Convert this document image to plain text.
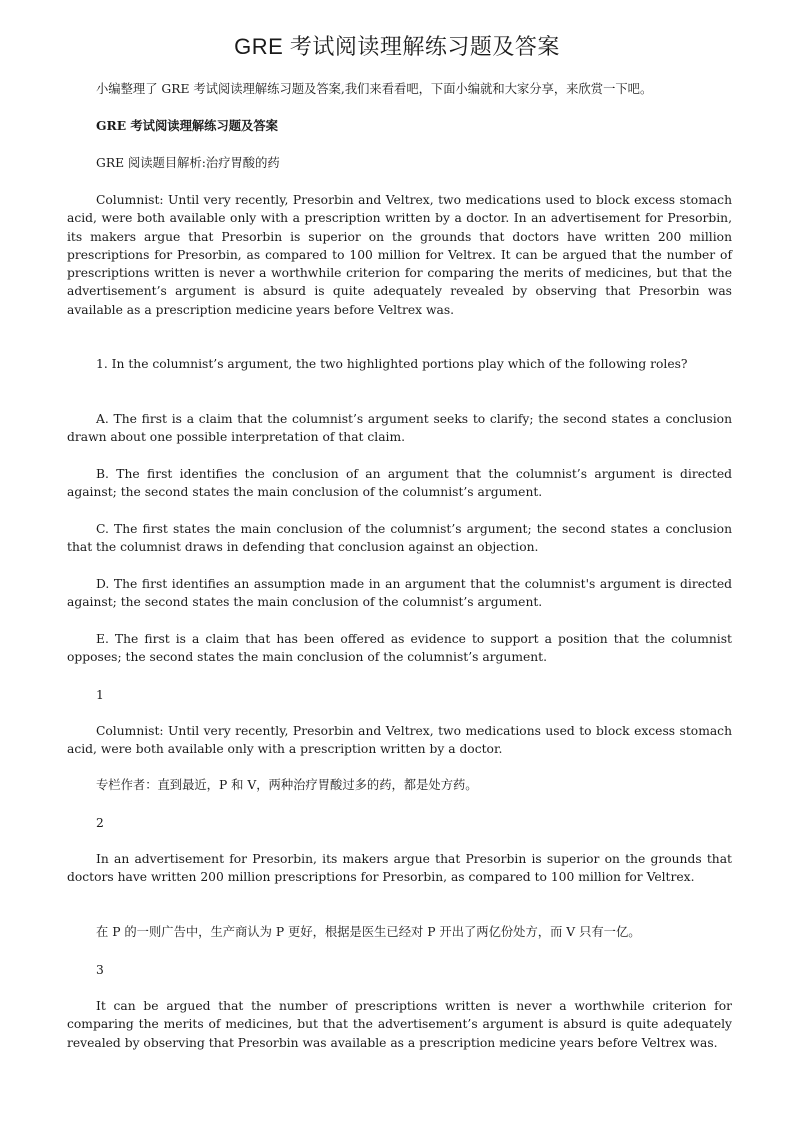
GRE 考试阅读理解练习题及答案

小编整理了 GRE 考试阅读理解练习题及答案,我们来看看吧，下面小编就和大家分享，来欣赏一下吧。

GRE 考试阅读理解练习题及答案

GRE 阅读题目解析:治疗胃酸的药

Columnist: Until very recently, Presorbin and Veltrex, two medications used to block excess stomach acid, were both available only with a prescription written by a doctor. In an advertisement for Presorbin, its makers argue that Presorbin is superior on the grounds that doctors have written 200 million prescriptions for Presorbin, as compared to 100 million for Veltrex. It can be argued that the number of prescriptions written is never a worthwhile criterion for comparing the merits of medicines, but that the advertisement’s argument is absurd is quite adequately revealed by observing that Presorbin was available as a prescription medicine years before Veltrex was.

1. In the columnist’s argument, the two highlighted portions play which of the following roles?

A. The first is a claim that the columnist’s argument seeks to clarify; the second states a conclusion drawn about one possible interpretation of that claim.

B. The first identifies the conclusion of an argument that the columnist’s argument is directed against; the second states the main conclusion of the columnist’s argument.

C. The first states the main conclusion of the columnist’s argument; the second states a conclusion that the columnist draws in defending that conclusion against an objection.

D. The first identifies an assumption made in an argument that the columnist's argument is directed against; the second states the main conclusion of the columnist’s argument.

E. The first is a claim that has been offered as evidence to support a position that the columnist opposes; the second states the main conclusion of the columnist’s argument.

1

Columnist: Until very recently, Presorbin and Veltrex, two medications used to block excess stomach acid, were both available only with a prescription written by a doctor.

专栏作者：直到最近，P 和 V，两种治疗胃酸过多的药，都是处方药。

2

In an advertisement for Presorbin, its makers argue that Presorbin is superior on the grounds that doctors have written 200 million prescriptions for Presorbin, as compared to 100 million for Veltrex.

在 P 的一则广告中，生产商认为 P 更好，根据是医生已经对 P 开出了两亿份处方，而 V 只有一亿。

3

It can be argued that the number of prescriptions written is never a worthwhile criterion for comparing the merits of medicines, but that the advertisement’s argument is absurd is quite adequately revealed by observing that Presorbin was available as a prescription medicine years before Veltrex was.
